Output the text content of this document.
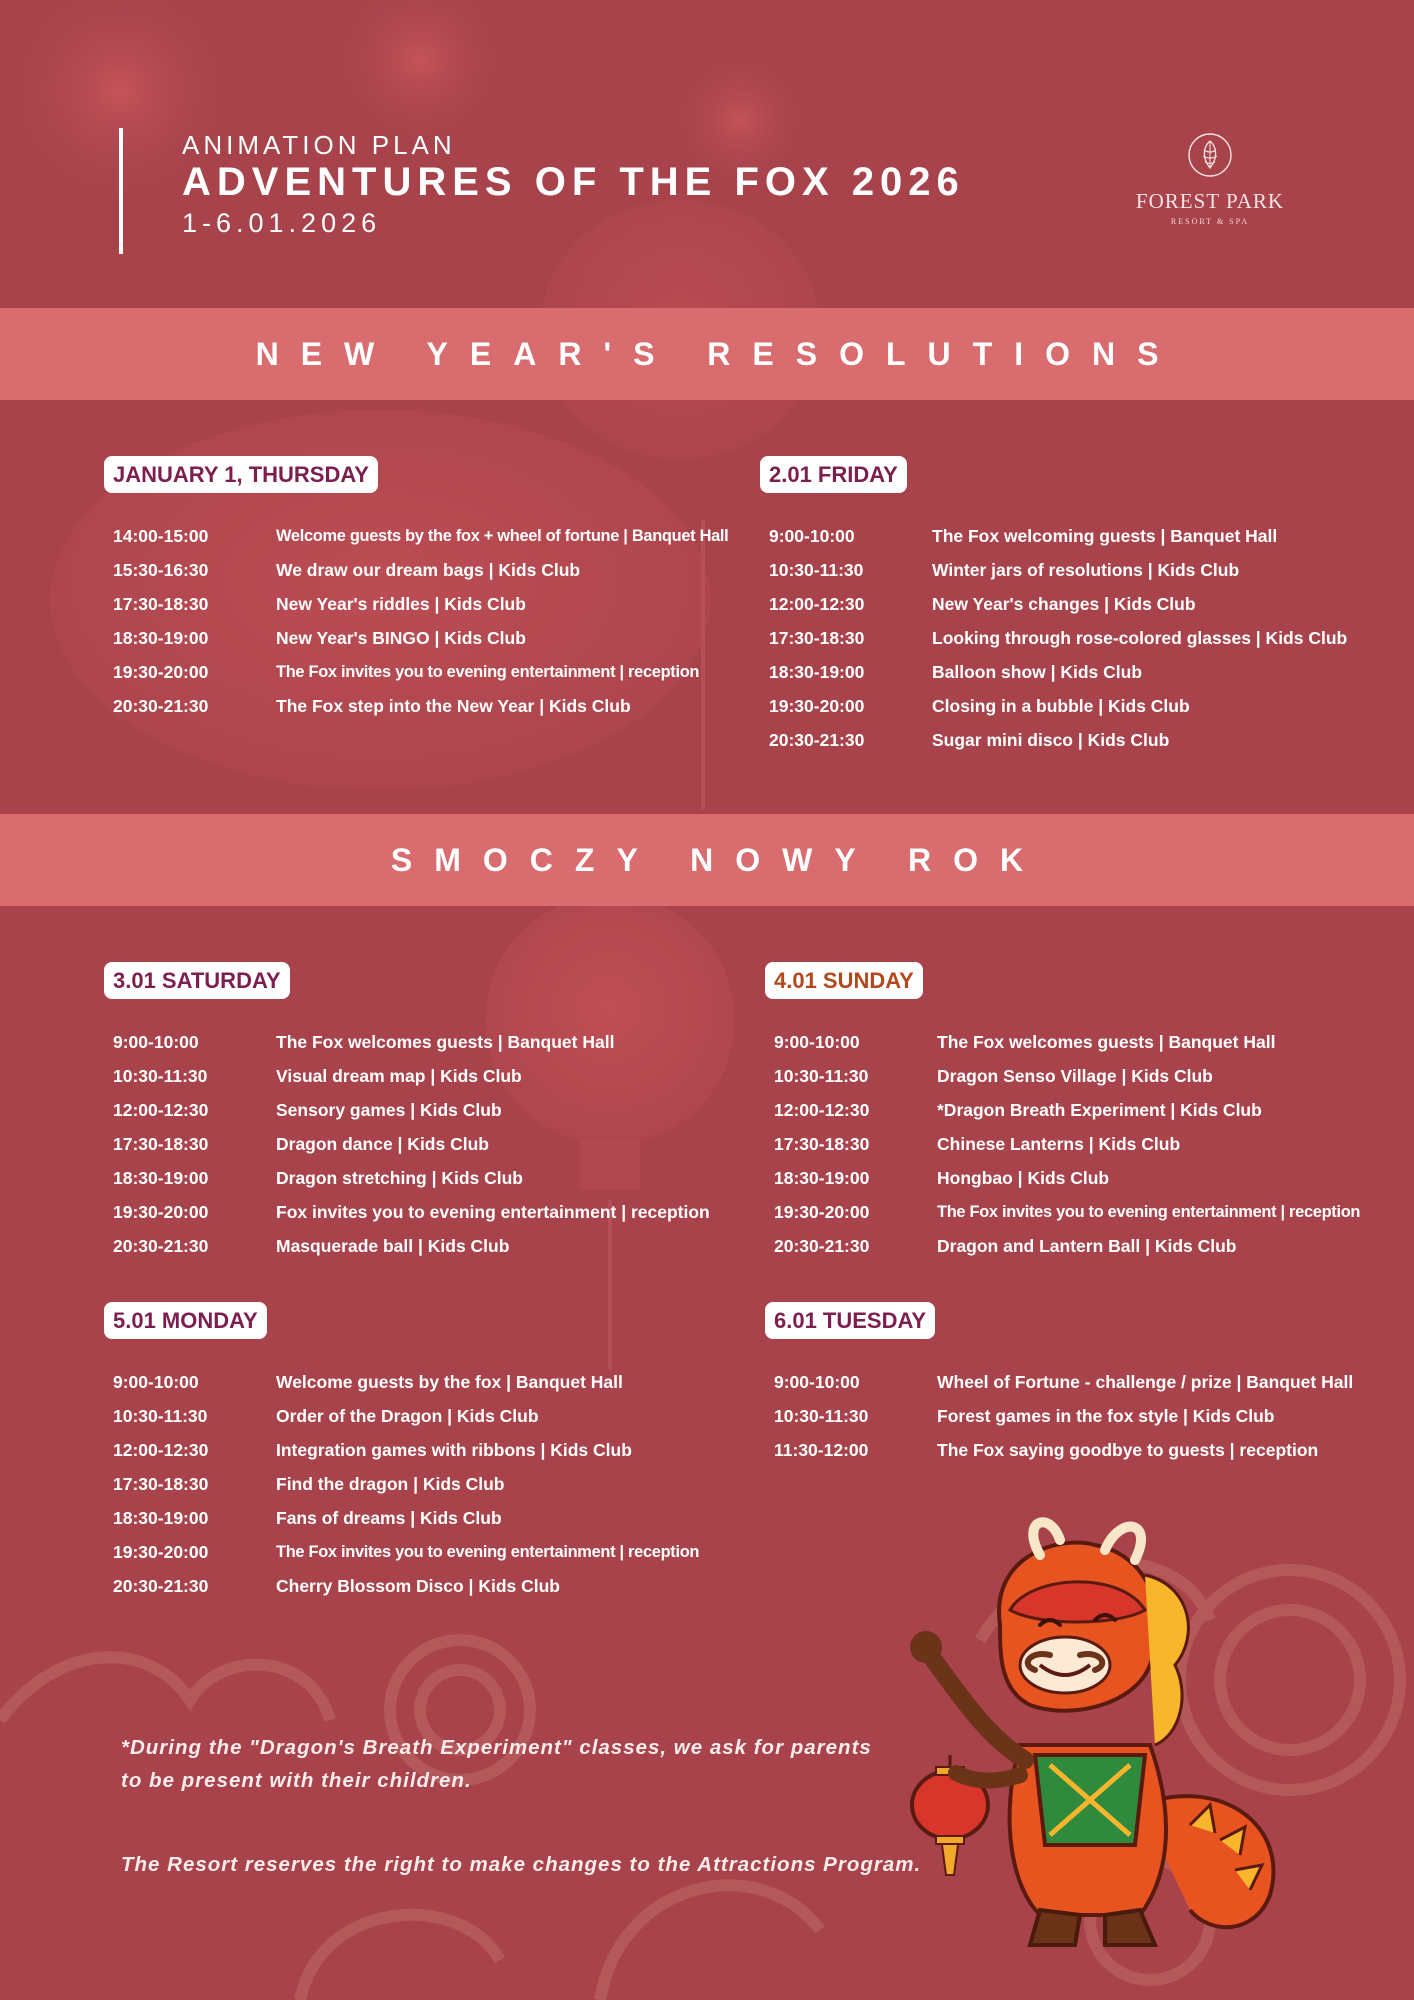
ANIMATION PLAN
ADVENTURES OF THE FOX 2026
1-6.01.2026
FOREST PARK
RESORT & SPA
NEW YEAR'S RESOLUTIONS
JANUARY 1, THURSDAY
14:00-15:00	Welcome guests by the fox + wheel of fortune | Banquet Hall
15:30-16:30	We draw our dream bags | Kids Club
17:30-18:30	New Year's riddles | Kids Club
18:30-19:00	New Year's BINGO | Kids Club
19:30-20:00	The Fox invites you to evening entertainment | reception
20:30-21:30	The Fox step into the New Year | Kids Club
2.01 FRIDAY
9:00-10:00	The Fox welcoming guests | Banquet Hall
10:30-11:30	Winter jars of resolutions | Kids Club
12:00-12:30	New Year's changes | Kids Club
17:30-18:30	Looking through rose-colored glasses | Kids Club
18:30-19:00	Balloon show | Kids Club
19:30-20:00	Closing in a bubble | Kids Club
20:30-21:30	Sugar mini disco | Kids Club
SMOCZY NOWY ROK
3.01 SATURDAY
9:00-10:00	The Fox welcomes guests | Banquet Hall
10:30-11:30	Visual dream map | Kids Club
12:00-12:30	Sensory games | Kids Club
17:30-18:30	Dragon dance | Kids Club
18:30-19:00	Dragon stretching | Kids Club
19:30-20:00	Fox invites you to evening entertainment | reception
20:30-21:30	Masquerade ball | Kids Club
4.01 SUNDAY
9:00-10:00	The Fox welcomes guests | Banquet Hall
10:30-11:30	Dragon Senso Village | Kids Club
12:00-12:30	*Dragon Breath Experiment | Kids Club
17:30-18:30	Chinese Lanterns | Kids Club
18:30-19:00	Hongbao | Kids Club
19:30-20:00	The Fox invites you to evening entertainment | reception
20:30-21:30	Dragon and Lantern Ball | Kids Club
5.01 MONDAY
9:00-10:00	Welcome guests by the fox | Banquet Hall
10:30-11:30	Order of the Dragon | Kids Club
12:00-12:30	Integration games with ribbons | Kids Club
17:30-18:30	Find the dragon | Kids Club
18:30-19:00	Fans of dreams | Kids Club
19:30-20:00	The Fox invites you to evening entertainment | reception
20:30-21:30	Cherry Blossom Disco | Kids Club
6.01 TUESDAY
9:00-10:00	Wheel of Fortune - challenge / prize | Banquet Hall
10:30-11:30	Forest games in the fox style | Kids Club
11:30-12:00	The Fox saying goodbye to guests | reception
*During the "Dragon's Breath Experiment" classes, we ask for parents to be present with their children.
The Resort reserves the right to make changes to the Attractions Program.
